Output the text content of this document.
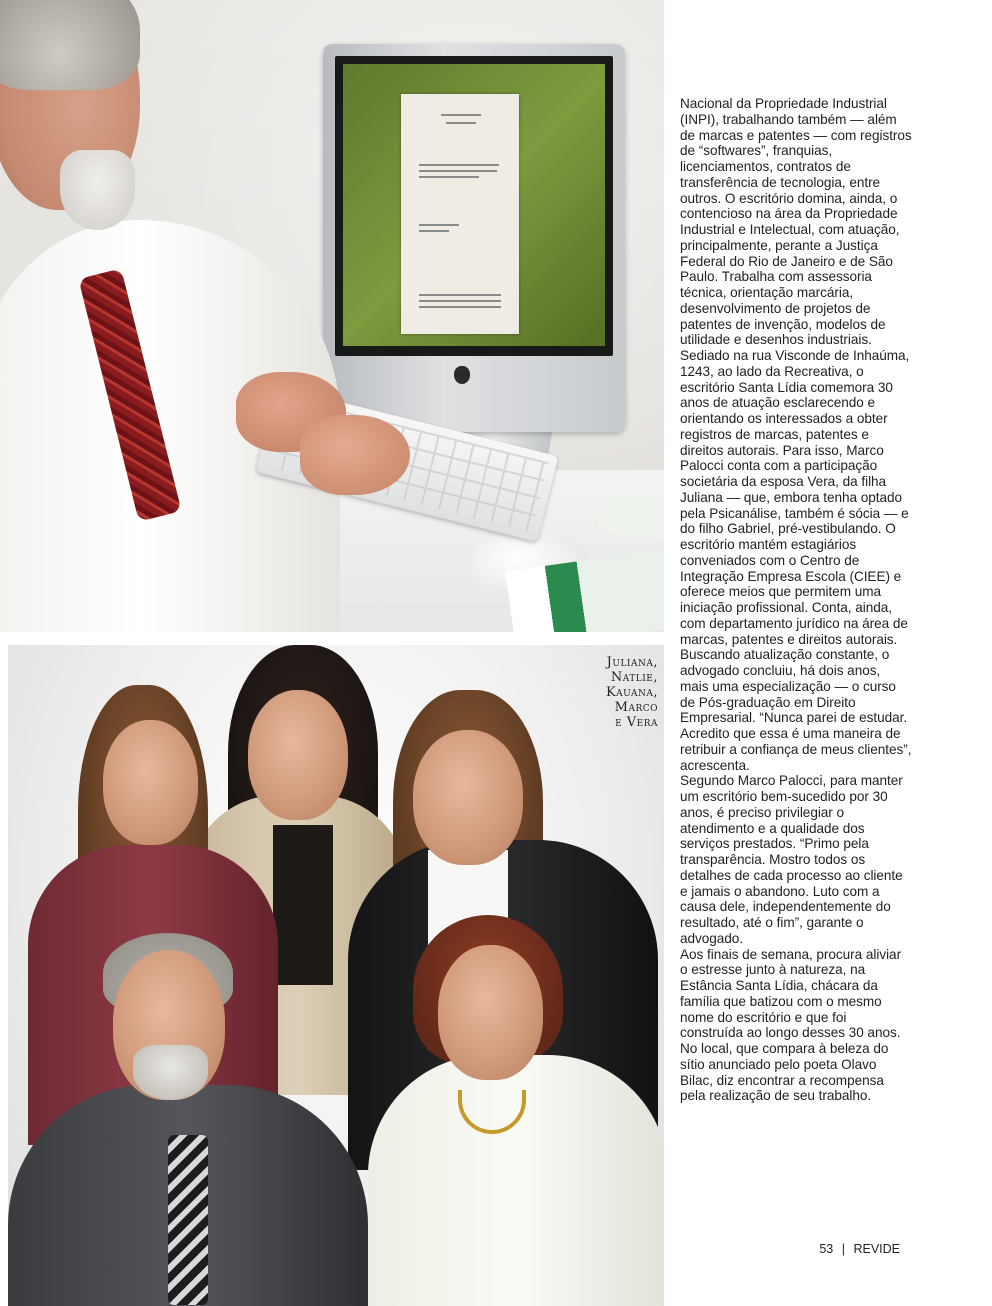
Juliana,
Natlie,
Kauana,
Marco
e Vera

Nacional da Propriedade Industrial (INPI), trabalhando também — além de marcas e patentes — com registros de “softwares”, franquias, licenciamentos, contratos de transferência de tecnologia, entre outros. O escritório domina, ainda, o contencioso na área da Propriedade Industrial e Intelectual, com atuação, principalmente, perante a Justiça Federal do Rio de Janeiro e de São Paulo. Trabalha com assessoria técnica, orientação marcária, desenvolvimento de projetos de patentes de invenção, modelos de utilidade e desenhos industriais.

Sediado na rua Visconde de Inhaúma, 1243, ao lado da Recreativa, o escritório Santa Lídia comemora 30 anos de atuação esclarecendo e orientando os interessados a obter registros de marcas, patentes e direitos autorais. Para isso, Marco Palocci conta com a participação societária da esposa Vera, da filha Juliana — que, embora tenha optado pela Psicanálise, também é sócia — e do filho Gabriel, pré-vestibulando. O escritório mantém estagiários conveniados com o Centro de Integração Empresa Escola (CIEE) e oferece meios que permitem uma iniciação profissional. Conta, ainda, com departamento jurídico na área de marcas, patentes e direitos autorais.

Buscando atualização constante, o advogado concluiu, há dois anos, mais uma especialização — o curso de Pós-graduação em Direito Empresarial. “Nunca parei de estudar. Acredito que essa é uma maneira de retribuir a confiança de meus clientes”, acrescenta.

Segundo Marco Palocci, para manter um escritório bem-sucedido por 30 anos, é preciso privilegiar o atendimento e a qualidade dos serviços prestados. “Primo pela transparência. Mostro todos os detalhes de cada processo ao cliente e jamais o abandono. Luto com a causa dele, independentemente do resultado, até o fim”, garante o advogado.

Aos finais de semana, procura aliviar o estresse junto à natureza, na Estância Santa Lídia, chácara da família que batizou com o mesmo nome do escritório e que foi construída ao longo desses 30 anos. No local, que compara à beleza do sítio anunciado pelo poeta Olavo Bilac, diz encontrar a recompensa pela realização de seu trabalho.

53 | REVIDE
